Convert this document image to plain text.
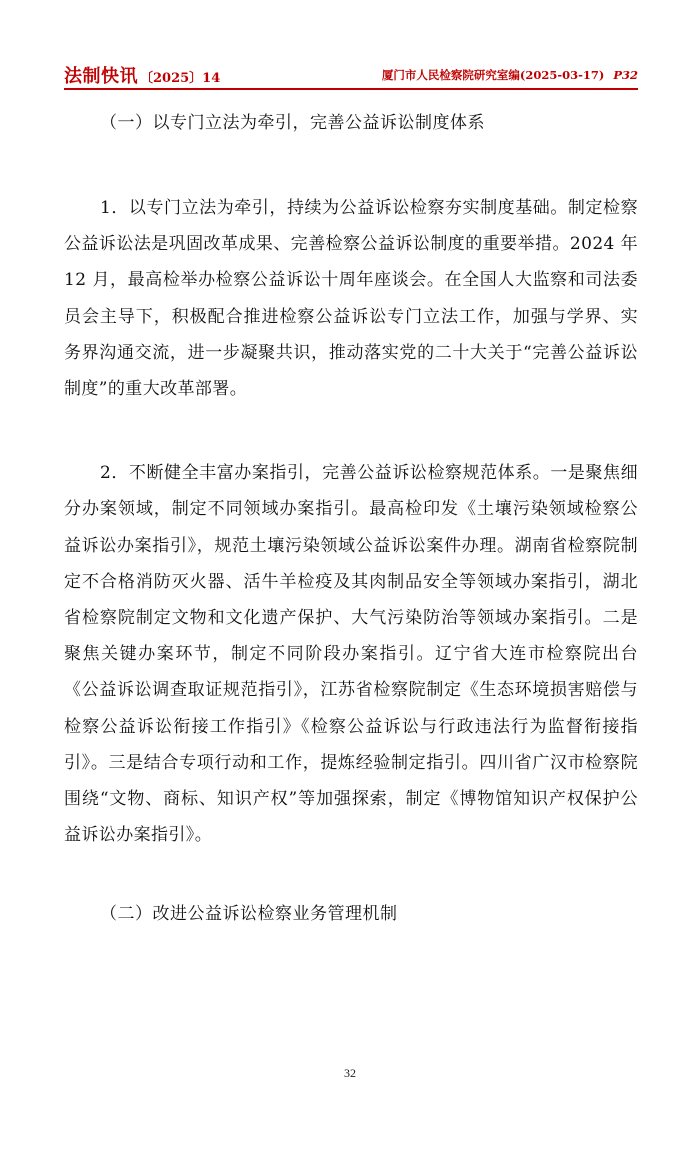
法制快讯 〔2025〕14	厦门市人民检察院研究室编(2025-03-17) P32
（一）以专门立法为牵引，完善公益诉讼制度体系

1．以专门立法为牵引，持续为公益诉讼检察夯实制度基础。制定检察公益诉讼法是巩固改革成果、完善检察公益诉讼制度的重要举措。2024 年 12 月，最高检举办检察公益诉讼十周年座谈会。在全国人大监察和司法委员会主导下，积极配合推进检察公益诉讼专门立法工作，加强与学界、实务界沟通交流，进一步凝聚共识，推动落实党的二十大关于“完善公益诉讼制度”的重大改革部署。

2．不断健全丰富办案指引，完善公益诉讼检察规范体系。一是聚焦细分办案领域，制定不同领域办案指引。最高检印发《土壤污染领域检察公益诉讼办案指引》，规范土壤污染领域公益诉讼案件办理。湖南省检察院制定不合格消防灭火器、活牛羊检疫及其肉制品安全等领域办案指引，湖北省检察院制定文物和文化遗产保护、大气污染防治等领域办案指引。二是聚焦关键办案环节，制定不同阶段办案指引。辽宁省大连市检察院出台《公益诉讼调查取证规范指引》，江苏省检察院制定《生态环境损害赔偿与检察公益诉讼衔接工作指引》《检察公益诉讼与行政违法行为监督衔接指引》。三是结合专项行动和工作，提炼经验制定指引。四川省广汉市检察院围绕“文物、商标、知识产权”等加强探索，制定《博物馆知识产权保护公益诉讼办案指引》。

（二）改进公益诉讼检察业务管理机制
32
